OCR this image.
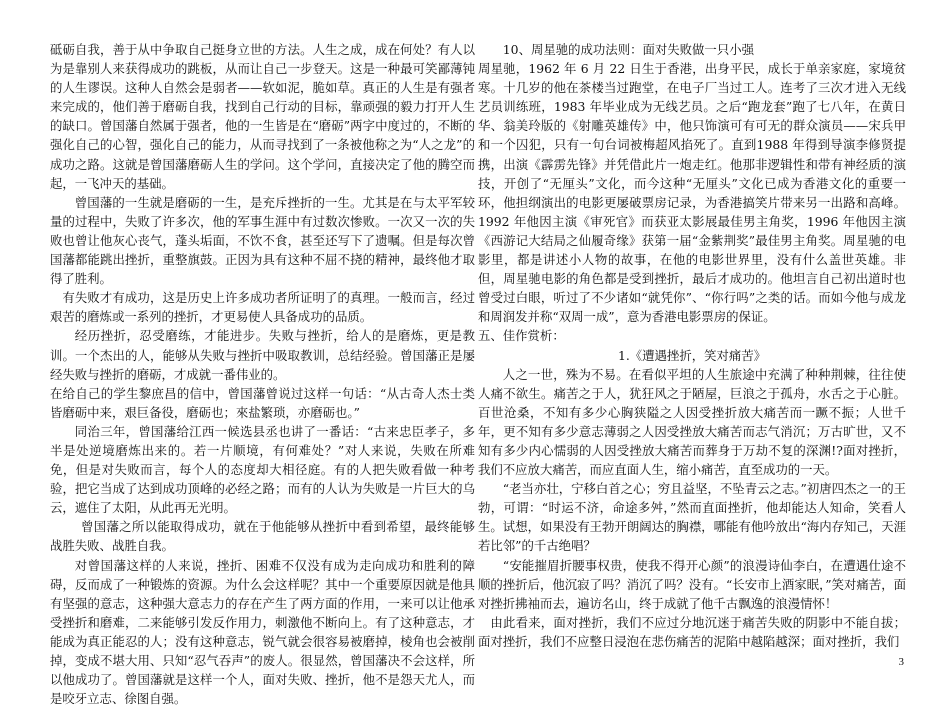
砥砺自我，善于从中争取自己挺身立世的方法。人生之成，成在何处？有人以为是靠别人来获得成功的跳板，从而让自己一步登天。这是一种最可笑鄙薄钝的人生谬误。这种人自然会是弱者——软如泥，脆如草。真正的人生是有强者来完成的，他们善于磨砺自我，找到自己行动的目标，靠顽强的毅力打开人生的缺口。曾国藩自然属于强者，他的一生皆是在“磨砺”两字中度过的，不断的强化自己的心智，强化自己的能力，从而寻找到了一条被他称之为“人之龙”的成功之路。这就是曾国藩磨砺人生的学问。这个学问，直接决定了他的腾空而起，一飞冲天的基础。

曾国藩的一生就是磨砺的一生，是充斥挫折的一生。尤其是在与太平军较量的过程中，失败了许多次，他的军事生涯中有过数次惨败。一次又一次的失败也曾让他灰心丧气，蓬头垢面，不饮不食，甚至还写下了遗嘱。但是每次曾国藩都能跳出挫折，重整旗鼓。正因为具有这种不屈不挠的精神，最终他才取得了胜利。

有失败才有成功，这是历史上许多成功者所证明了的真理。一般而言，经过艰苦的磨炼或一系列的挫折，才更易使人具备成功的品质。

经历挫折，忍受磨练，才能进步。失败与挫折，给人的是磨炼，更是教训。一个杰出的人，能够从失败与挫折中吸取教训，总结经验。曾国藩正是屡经失败与挫折的磨砺，才成就一番伟业的。

在给自己的学生黎庶昌的信中，曾国藩曾说过这样一句话：“从古奇人杰士类皆磨砺中来，艰巨备役，磨砺也；來盐繁琐，亦磨砺也。”

同治三年，曾国藩给江西一候选县丞也讲了一番话：“古来忠臣孝子，多半是处逆境磨炼出来的。若一片顺境，有何难处？”对人来说，失败在所难免，但是对失败而言，每个人的态度却大相径庭。有的人把失败看做一种考验，把它当成了达到成功顶峰的必经之路；而有的人认为失败是一片巨大的乌云，遮住了太阳，从此再无光明。

曾国藩之所以能取得成功，就在于他能够从挫折中看到希望，最终能够战胜失败、战胜自我。

对曾国藩这样的人来说，挫折、困难不仅没有成为走向成功和胜利的障碍，反而成了一种锻炼的资源。为什么会这样呢？其中一个重要原因就是他具有坚强的意志，这种强大意志力的存在产生了两方面的作用，一来可以让他承受挫折和磨难，二来能够引发反作用力，刺激他不断向上。有了这种意志，才能成为真正能忍的人；没有这种意志，锐气就会很容易被磨掉，棱角也会被削掉，变成不堪大用、只知“忍气吞声”的废人。很显然，曾国藩决不会这样，所以他成功了。曾国藩就是这样一个人，面对失败、挫折，他不是怨天尤人，而是咬牙立志、徐图自强。

10、周星驰的成功法则：面对失败做一只小强

周星驰，1962 年 6 月 22 日生于香港，出身平民，成长于单亲家庭，家境贫寒。十几岁的他在茶楼当过跑堂，在电子厂当过工人。连考了三次才进入无线艺员训练班，1983 年毕业成为无线艺员。之后“跑龙套”跑了七八年，在黄日华、翁美玲版的《射雕英雄传》中，他只饰演可有可无的群众演员——宋兵甲和一个囚犯，只有一句台词被梅超风掐死了。直到1988 年得到导演李修贤提携，出演《霹雳先锋》并凭借此片一炮走红。他那非逻辑性和带有神经质的演技，开创了“无厘头”文化，而今这种“无厘头”文化已成为香港文化的重要一环，他担纲演出的电影更屡破票房记录，为香港搞笑片带来另一出路和高峰。1992 年他因主演《审死官》而获亚太影展最佳男主角奖，1996 年他因主演《西游记大结局之仙履奇缘》获第一届“金紫荆奖”最佳男主角奖。周星驰的电影里，都是讲述小人物的故事，在他的电影世界里，没有什么盖世英雄。非但，周星驰电影的角色都是受到挫折，最后才成功的。他坦言自己初出道时也曾受过白眼，听过了不少诸如“就凭你”、“你行吗”之类的话。而如今他与成龙和周润发并称“双周一成”，意为香港电影票房的保证。

五、佳作赏析：

1.《遭遇挫折，笑对痛苦》

人之一世，殊为不易。在看似平坦的人生旅途中充满了种种荆棘，往往使人痛不欲生。痛苦之于人，犹狂风之于陋屋，巨浪之于孤舟，水舌之于心脏。百世沧桑，不知有多少心胸狭隘之人因受挫折放大痛苦而一蹶不振；人世千年，更不知有多少意志薄弱之人因受挫放大痛苦而志气消沉；万古旷世，又不知有多少内心懦弱的人因受挫放大痛苦而葬身于万劫不复的深渊!?面对挫折，我们不应放大痛苦，而应直面人生，缩小痛苦，直至成功的一天。

“老当亦壮，宁移白首之心；穷且益坚，不坠青云之志。”初唐四杰之一的王勃，可谓：“时运不济，命途多舛，”然而直面挫折，他却能达人知命，笑看人生。试想，如果没有王勃开朗阔达的胸襟，哪能有他吟放出“海内存知己，天涯若比邻”的千古绝唱？

“安能摧眉折腰事权贵，使我不得开心颜”的浪漫诗仙李白，在遭遇仕途不顺的挫折后，他沉寂了吗？消沉了吗？没有。“长安市上酒家眠，”笑对痛苦，面对挫折拂袖而去，遍访名山，终于成就了他千古飘逸的浪漫情怀！

由此看来，面对挫折，我们不应过分地沉迷于痛苦失败的阴影中不能自拔；面对挫折，我们不应整日浸泡在悲伤痛苦的泥陷中越陷越深；面对挫折，我们

3
